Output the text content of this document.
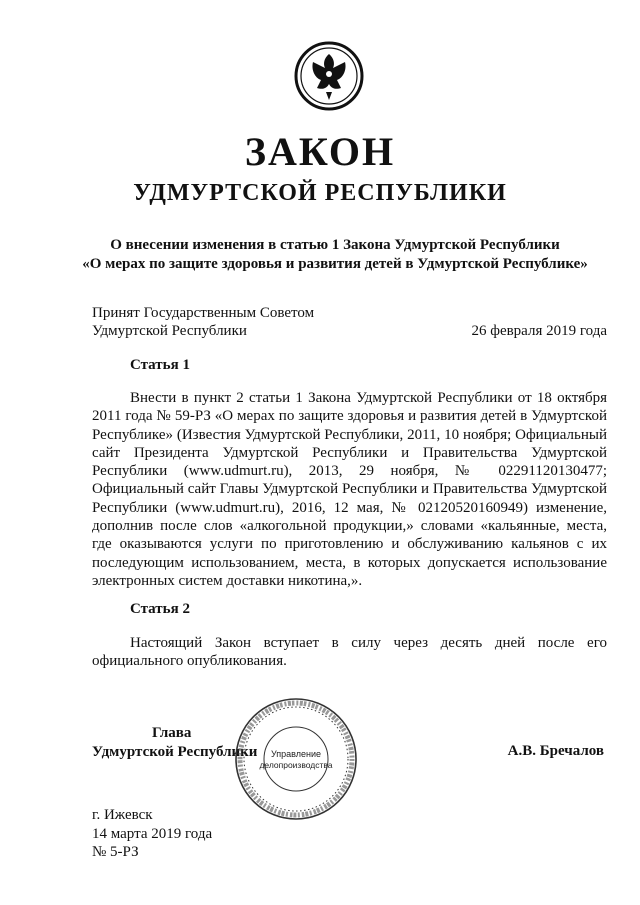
ЗАКОН
УДМУРТСКОЙ РЕСПУБЛИКИ
О внесении изменения в статью 1 Закона Удмуртской Республики
«О мерах по защите здоровья и развития детей в Удмуртской Республике»
Принят Государственным Советом
Удмуртской Республики	26 февраля 2019 года
Статья 1

Внести в пункт 2 статьи 1 Закона Удмуртской Республики от 18 октября 2011 года № 59-РЗ «О мерах по защите здоровья и развития детей в Удмуртской Республике» (Известия Удмуртской Республики, 2011, 10 ноября; Официальный сайт Президента Удмуртской Республики и Правительства Удмуртской Республики (www.udmurt.ru), 2013, 29 ноября, № 02291120130477; Официальный сайт Главы Удмуртской Республики и Правительства Удмуртской Республики (www.udmurt.ru), 2016, 12 мая, № 02120520160949) изменение, дополнив после слов «алкогольной продукции,» словами «кальянные, места, где оказываются услуги по приготовлению и обслуживанию кальянов с их последующим использованием, места, в которых допускается использование электронных систем доставки никотина,».

Статья 2

Настоящий Закон вступает в силу через десять дней после его официального опубликования.

Глава
Удмуртской Республики	Управление
делопроизводства
А.В. Бречалов
г. Ижевск
14 марта 2019 года
№ 5-РЗ
